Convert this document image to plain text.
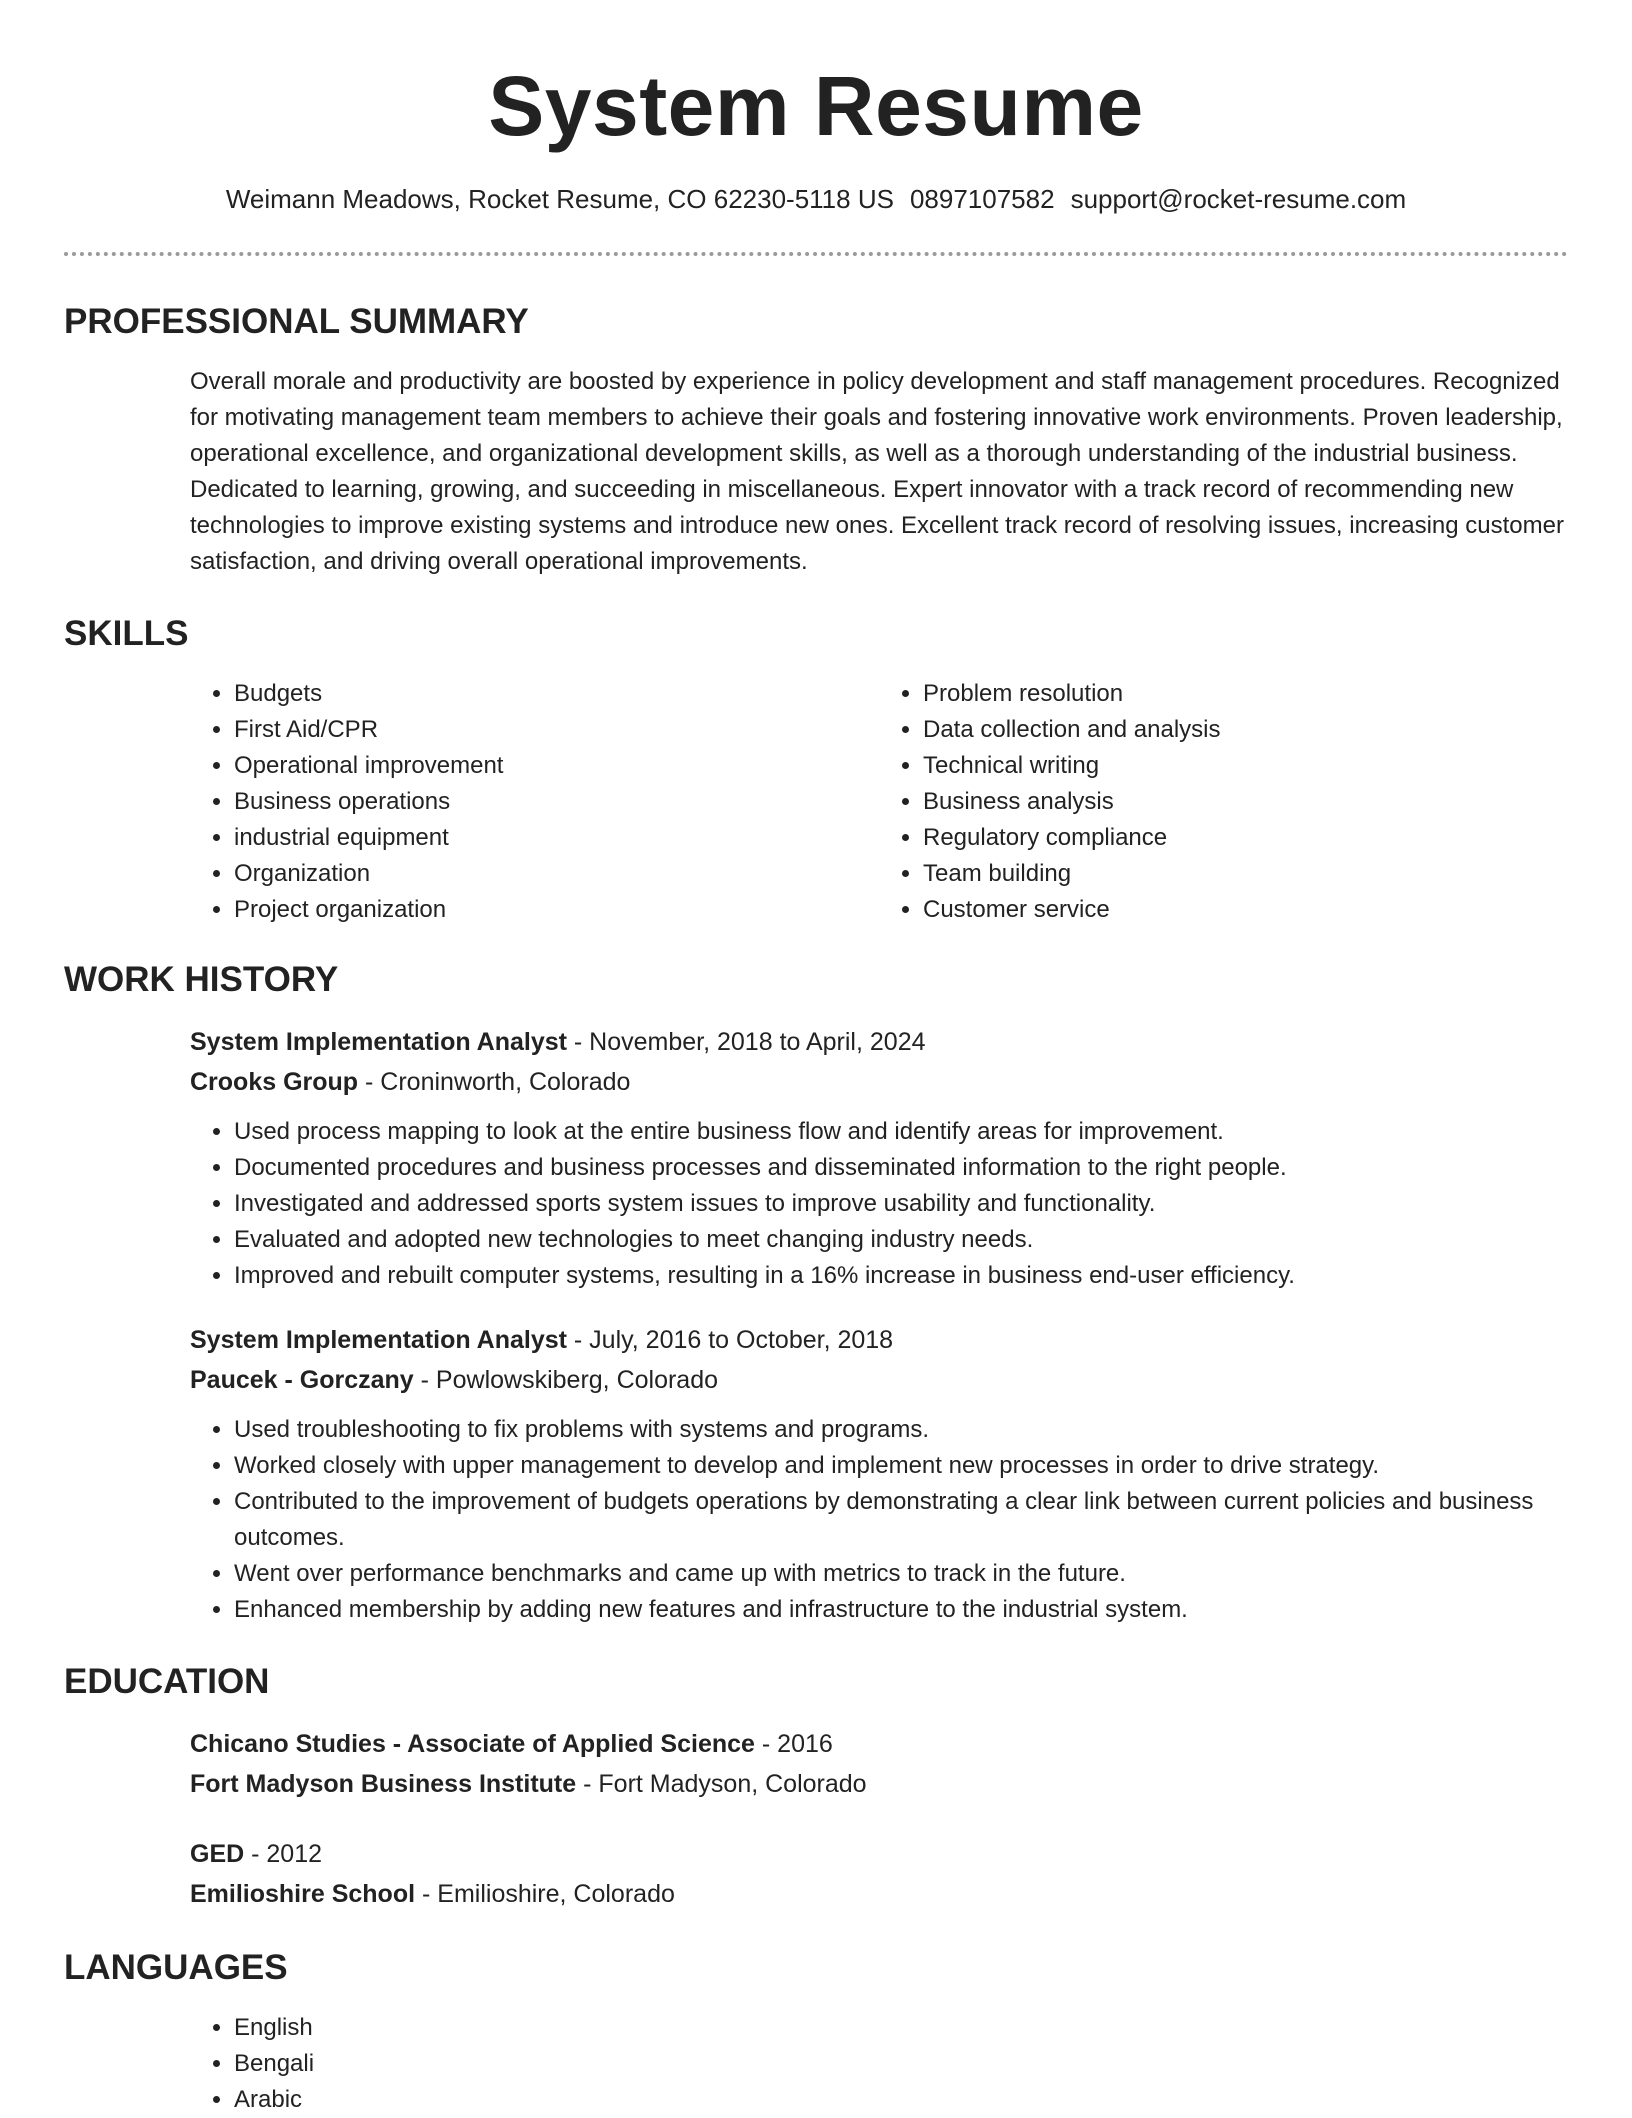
System Resume
Weimann Meadows, Rocket Resume, CO 62230-5118 US 0897107582 support@rocket-resume.com
PROFESSIONAL SUMMARY

Overall morale and productivity are boosted by experience in policy development and staff management procedures. Recognized for motivating management team members to achieve their goals and fostering innovative work environments. Proven leadership, operational excellence, and organizational development skills, as well as a thorough understanding of the industrial business. Dedicated to learning, growing, and succeeding in miscellaneous. Expert innovator with a track record of recommending new technologies to improve existing systems and introduce new ones. Excellent track record of resolving issues, increasing customer satisfaction, and driving overall operational improvements.

SKILLS
• Budgets
• First Aid/CPR
• Operational improvement
• Business operations
• industrial equipment
• Organization
• Project organization
• Problem resolution
• Data collection and analysis
• Technical writing
• Business analysis
• Regulatory compliance
• Team building
• Customer service
WORK HISTORY
System Implementation Analyst - November, 2018 to April, 2024
Crooks Group - Croninworth, Colorado
• Used process mapping to look at the entire business flow and identify areas for improvement.
• Documented procedures and business processes and disseminated information to the right people.
• Investigated and addressed sports system issues to improve usability and functionality.
• Evaluated and adopted new technologies to meet changing industry needs.
• Improved and rebuilt computer systems, resulting in a 16% increase in business end-user efficiency.
System Implementation Analyst - July, 2016 to October, 2018
Paucek - Gorczany - Powlowskiberg, Colorado
• Used troubleshooting to fix problems with systems and programs.
• Worked closely with upper management to develop and implement new processes in order to drive strategy.
• Contributed to the improvement of budgets operations by demonstrating a clear link between current policies and business outcomes.
• Went over performance benchmarks and came up with metrics to track in the future.
• Enhanced membership by adding new features and infrastructure to the industrial system.
EDUCATION
Chicano Studies - Associate of Applied Science - 2016
Fort Madyson Business Institute - Fort Madyson, Colorado
GED - 2012
Emilioshire School - Emilioshire, Colorado
LANGUAGES
• English
• Bengali
• Arabic
